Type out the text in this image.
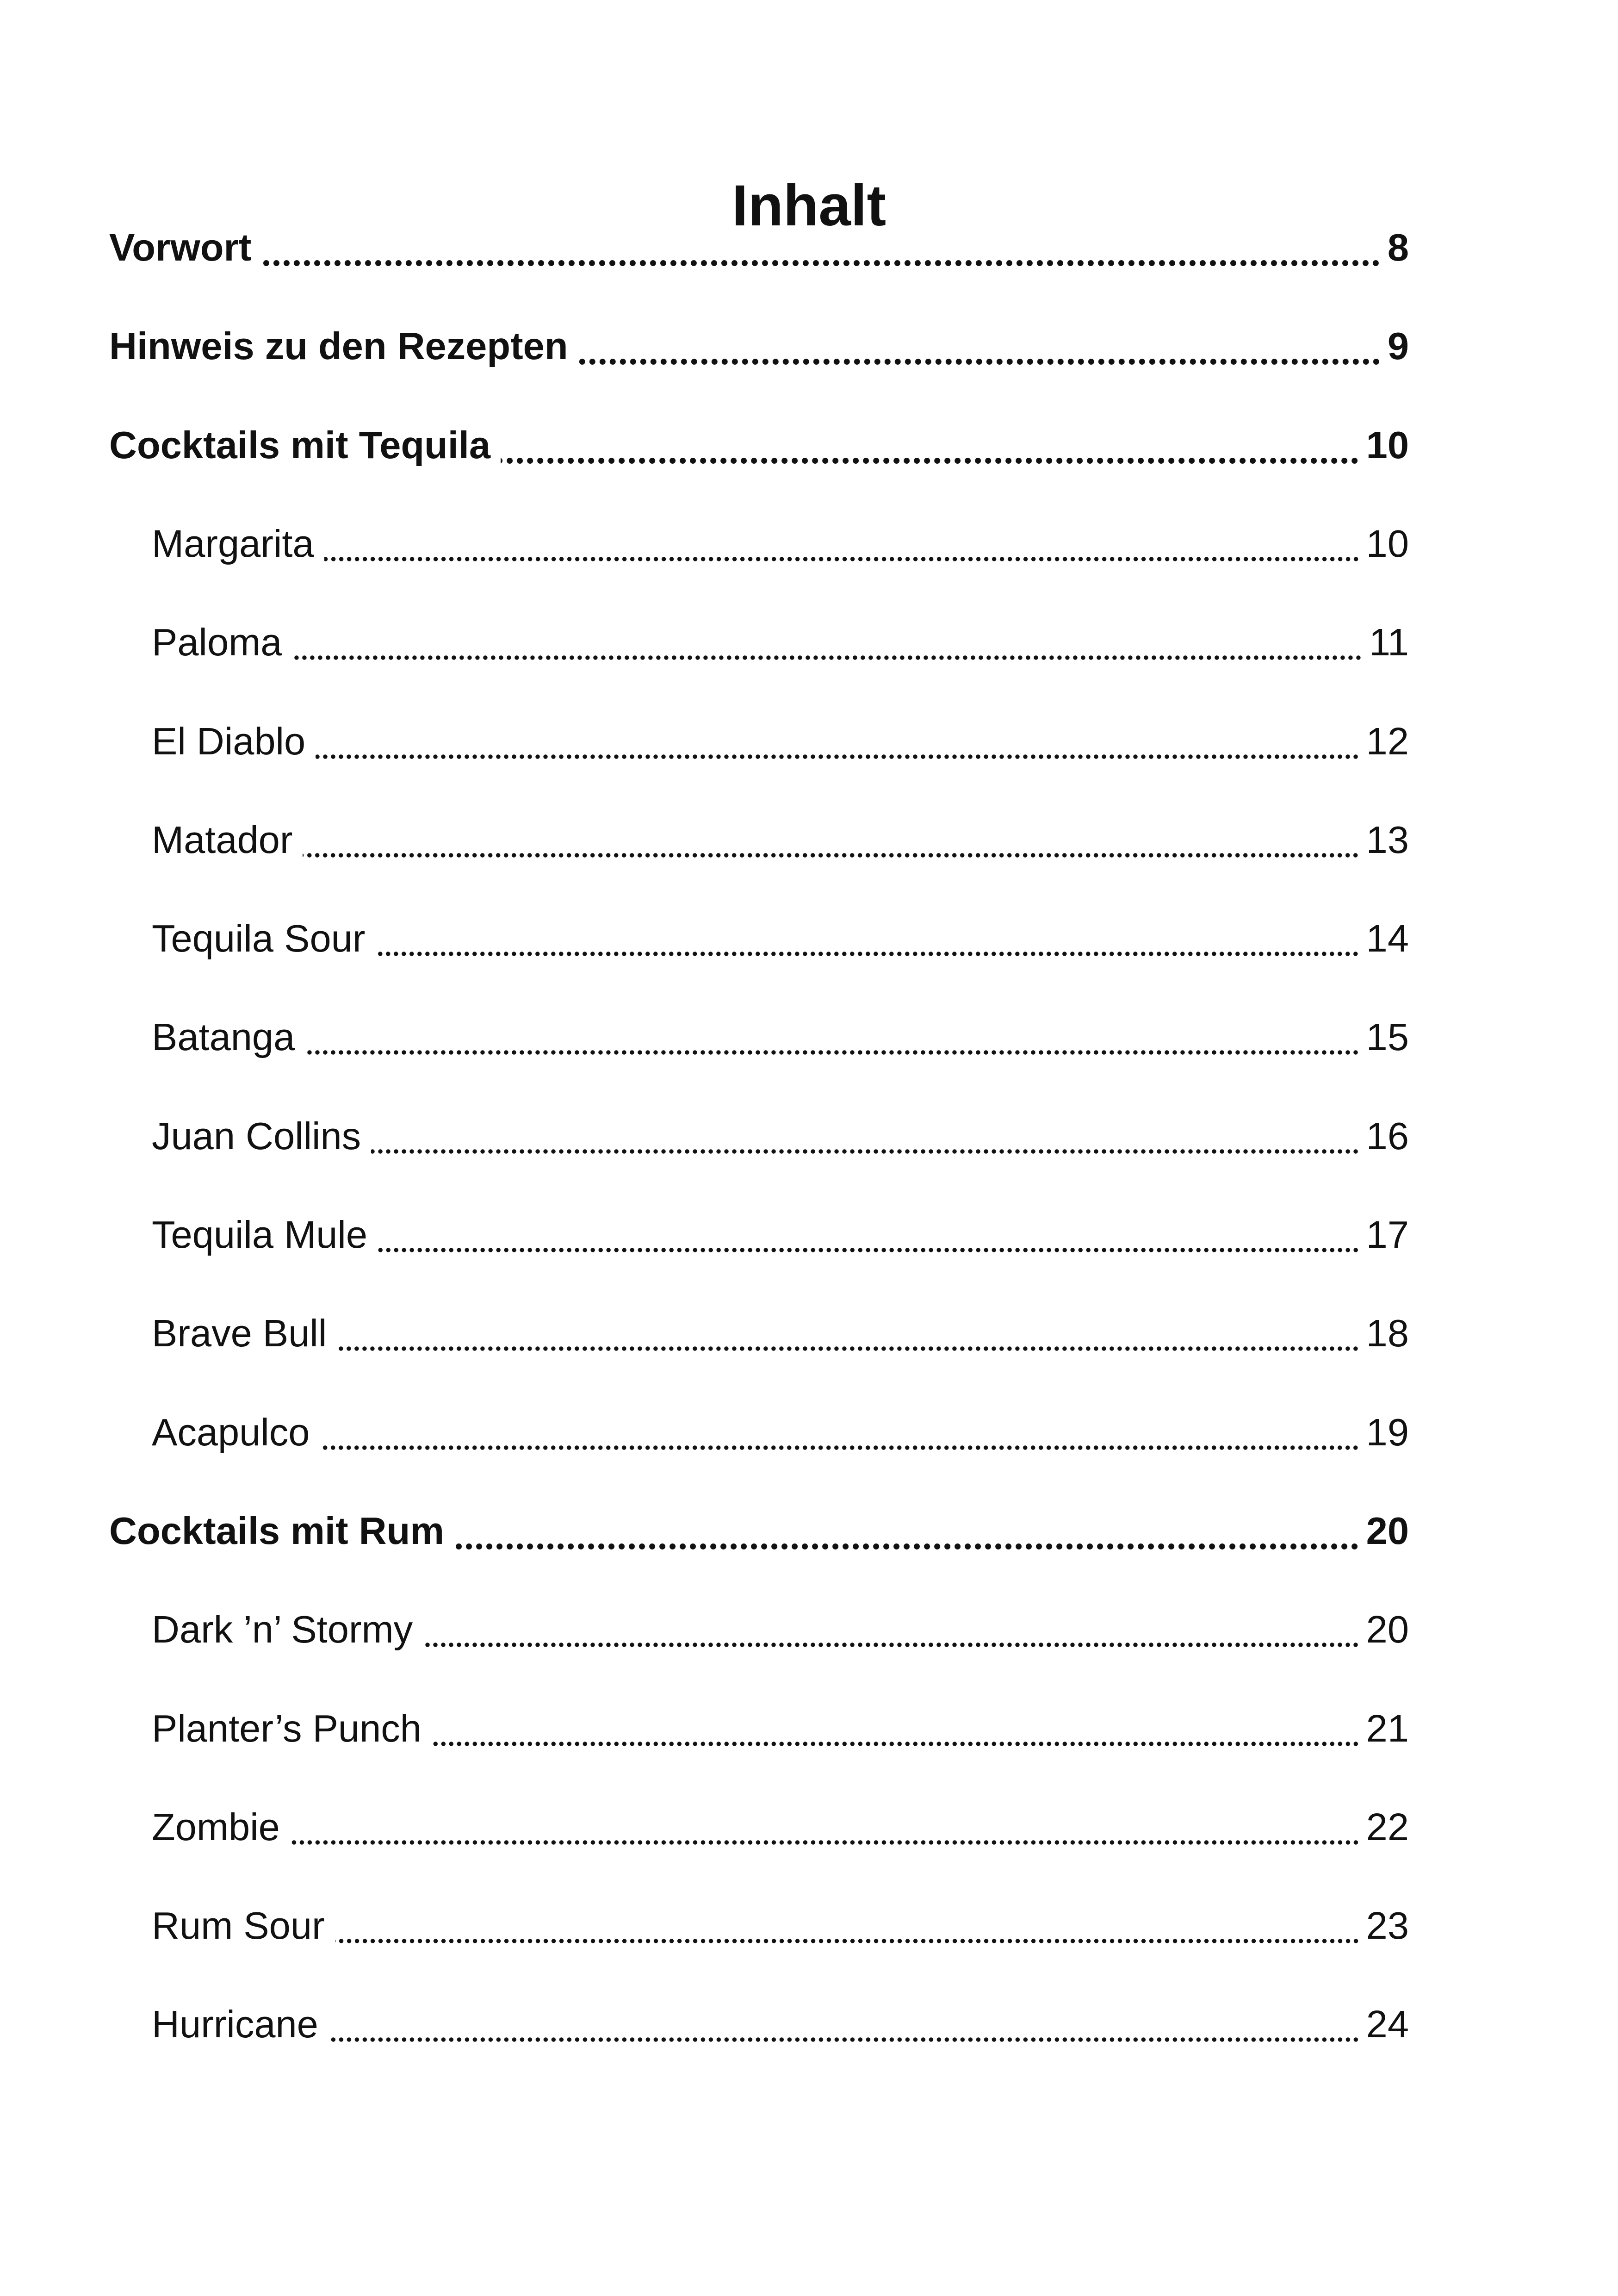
Inhalt
Vorwort	8
Hinweis zu den Rezepten	9
Cocktails mit Tequila	10
Margarita	10
Paloma	11
El Diablo	12
Matador	13
Tequila Sour	14
Batanga	15
Juan Collins	16
Tequila Mule	17
Brave Bull	18
Acapulco	19
Cocktails mit Rum	20
Dark ’n’ Stormy	20
Planter’s Punch	21
Zombie	22
Rum Sour	23
Hurricane	24
